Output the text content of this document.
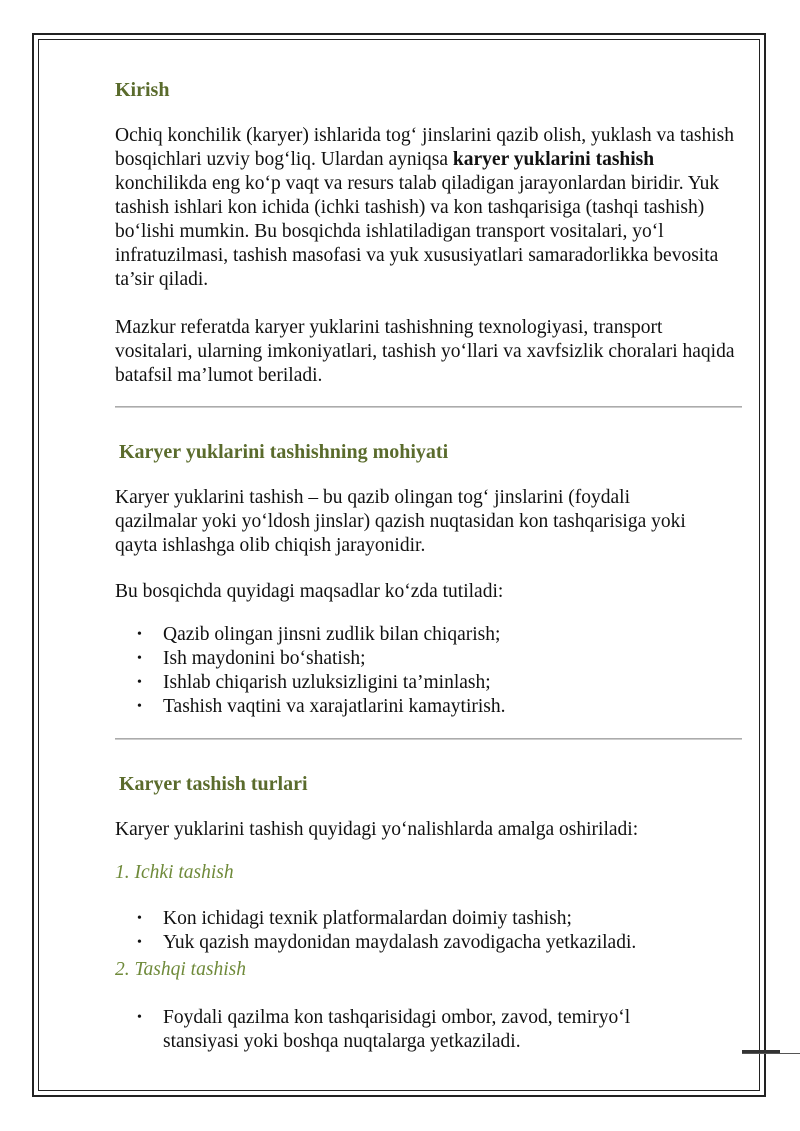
Kirish

Ochiq konchilik (karyer) ishlarida tog‘ jinslarini qazib olish, yuklash va tashish bosqichlari uzviy bog‘liq. Ulardan ayniqsa karyer yuklarini tashish konchilikda eng ko‘p vaqt va resurs talab qiladigan jarayonlardan biridir. Yuk tashish ishlari kon ichida (ichki tashish) va kon tashqarisiga (tashqi tashish) bo‘lishi mumkin. Bu bosqichda ishlatiladigan transport vositalari, yo‘l infratuzilmasi, tashish masofasi va yuk xususiyatlari samaradorlikka bevosita ta’sir qiladi.

Mazkur referatda karyer yuklarini tashishning texnologiyasi, transport vositalari, ularning imkoniyatlari, tashish yo‘llari va xavfsizlik choralari haqida batafsil ma’lumot beriladi.

Karyer yuklarini tashishning mohiyati

Karyer yuklarini tashish – bu qazib olingan tog‘ jinslarini (foydali qazilmalar yoki yo‘ldosh jinslar) qazish nuqtasidan kon tashqarisiga yoki qayta ishlashga olib chiqish jarayonidir.

Bu bosqichda quyidagi maqsadlar ko‘zda tutiladi:

• Qazib olingan jinsni zudlik bilan chiqarish;
• Ish maydonini bo‘shatish;
• Ishlab chiqarish uzluksizligini ta’minlash;
• Tashish vaqtini va xarajatlarini kamaytirish.
Karyer tashish turlari

Karyer yuklarini tashish quyidagi yo‘nalishlarda amalga oshiriladi:

1. Ichki tashish

• Kon ichidagi texnik platformalardan doimiy tashish;
• Yuk qazish maydonidan maydalash zavodigacha yetkaziladi.

2. Tashqi tashish

• Foydali qazilma kon tashqarisidagi ombor, zavod, temiryo‘l stansiyasi yoki boshqa nuqtalarga yetkaziladi.
